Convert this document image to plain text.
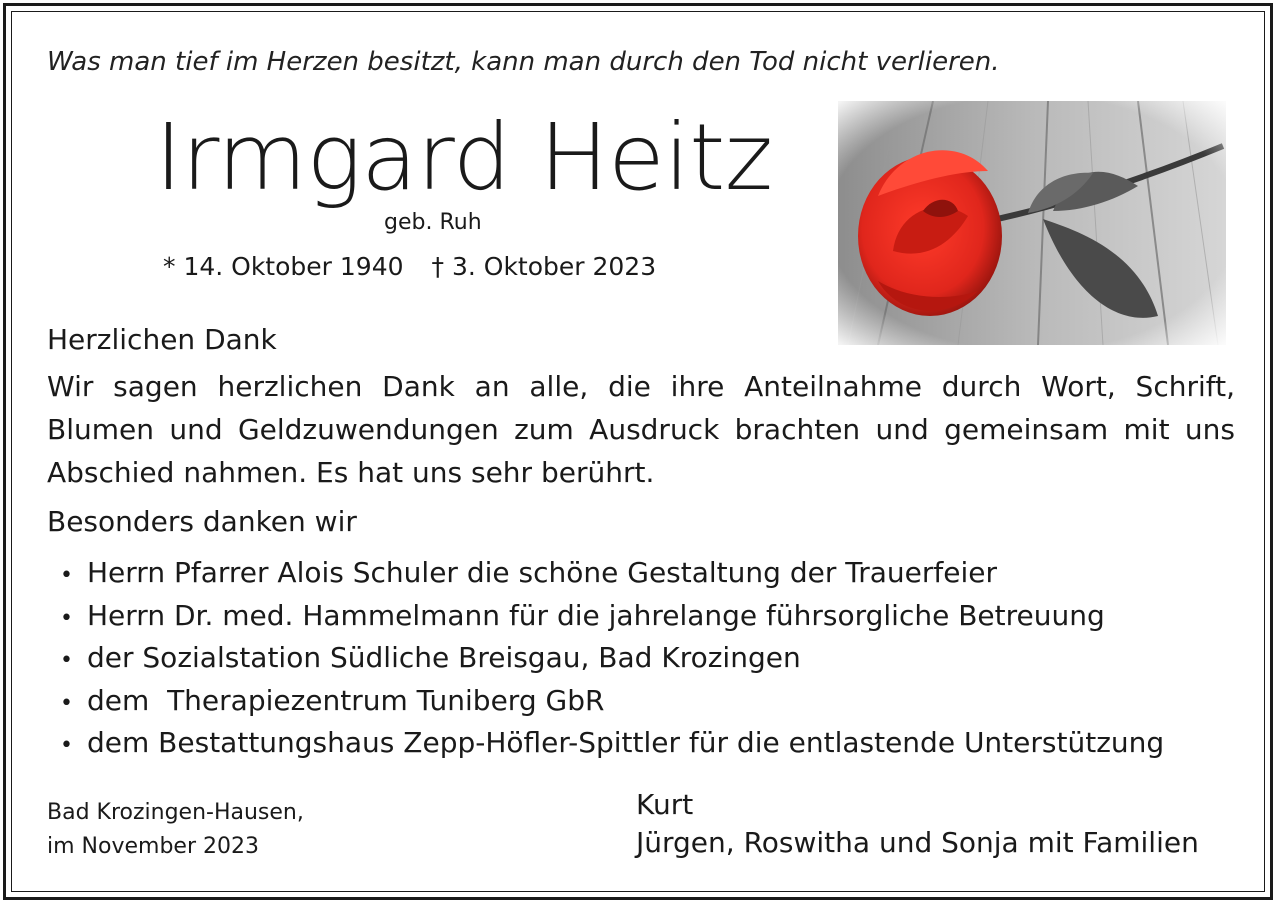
Was man tief im Herzen besitzt, kann man durch den Tod nicht verlieren.
Irmgard Heitz
geb. Ruh
* 14. Oktober 1940 † 3. Oktober 2023
Herzlichen Dank
Wir sagen herzlichen Dank an alle, die ihre Anteilnahme durch Wort, Schrift,
Blumen und Geldzuwendungen zum Ausdruck brachten und gemeinsam mit uns
Abschied nahmen. Es hat uns sehr berührt.
Besonders danken wir
• Herrn Pfarrer Alois Schuler die schöne Gestaltung der Trauerfeier
• Herrn Dr. med. Hammelmann für die jahrelange führsorgliche Betreuung
• der Sozialstation Südliche Breisgau, Bad Krozingen
• dem  Therapiezentrum Tuniberg GbR
• dem Bestattungshaus Zepp-Höfler-Spittler für die entlastende Unterstützung
Bad Krozingen-Hausen,
im November 2023
Kurt
Jürgen, Roswitha und Sonja mit Familien
